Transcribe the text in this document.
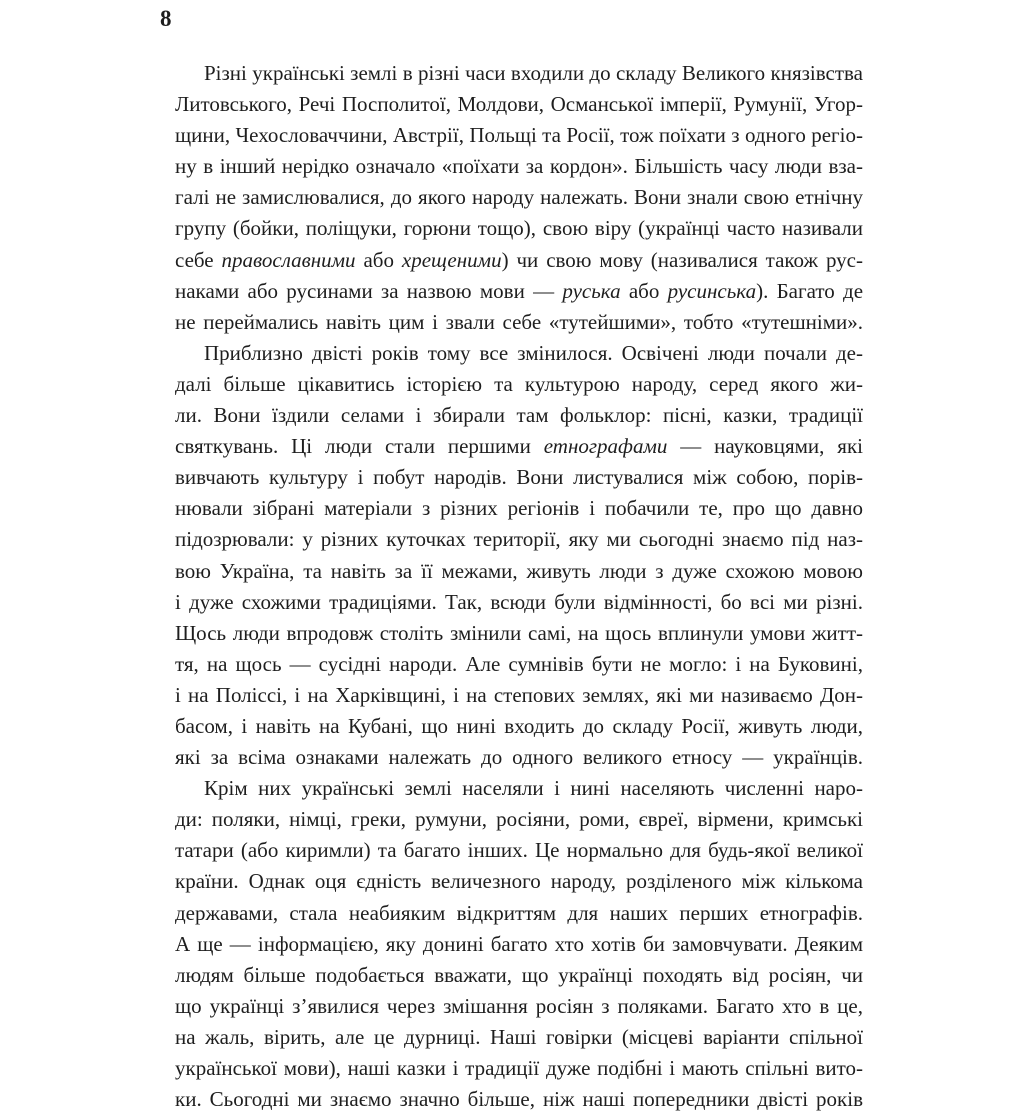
8
Різні українські землі в різні часи входили до складу Великого князівства
Литовського, Речі Посполитої, Молдови, Османської імперії, Румунії, Угор-
щини, Чехословаччини, Австрії, Польщі та Росії, тож поїхати з одного регіо-
ну в інший нерідко означало «поїхати за кордон». Більшість часу люди вза-
галі не замислювалися, до якого народу належать. Вони знали свою етнічну
групу (бойки, поліщуки, горюни тощо), свою віру (українці часто називали
себе православними або хрещеними) чи свою мову (називалися також рус-
наками або русинами за назвою мови — руська або русинська). Багато де
не переймались навіть цим і звали себе «тутейшими», тобто «тутешніми».
Приблизно двісті років тому все змінилося. Освічені люди почали де-
далі більше цікавитись історією та культурою народу, серед якого жи-
ли. Вони їздили селами і збирали там фольклор: пісні, казки, традиції
святкувань. Ці люди стали першими етнографами — науковцями, які
вивчають культуру і побут народів. Вони листувалися між собою, порів-
нювали зібрані матеріали з різних регіонів і побачили те, про що давно
підозрювали: у різних куточках території, яку ми сьогодні знаємо під наз-
вою Україна, та навіть за її межами, живуть люди з дуже схожою мовою
і дуже схожими традиціями. Так, всюди були відмінності, бо всі ми різні.
Щось люди впродовж століть змінили самі, на щось вплинули умови житт-
тя, на щось — сусідні народи. Але сумнівів бути не могло: і на Буковині,
і на Поліссі, і на Харківщині, і на степових землях, які ми називаємо Дон-
басом, і навіть на Кубані, що нині входить до складу Росії, живуть люди,
які за всіма ознаками належать до одного великого етносу — українців.
Крім них українські землі населяли і нині населяють численні наро-
ди: поляки, німці, греки, румуни, росіяни, роми, євреї, вірмени, кримські
татари (або киримли) та багато інших. Це нормально для будь-якої великої
країни. Однак оця єдність величезного народу, розділеного між кількома
державами, стала неабияким відкриттям для наших перших етнографів.
А ще — інформацією, яку донині багато хто хотів би замовчувати. Деяким
людям більше подобається вважати, що українці походять від росіян, чи
що українці з’явилися через змішання росіян з поляками. Багато хто в це,
на жаль, вірить, але це дурниці. Наші говірки (місцеві варіанти спільної
української мови), наші казки і традиції дуже подібні і мають спільні вито-
ки. Сьогодні ми знаємо значно більше, ніж наші попередники двісті років
